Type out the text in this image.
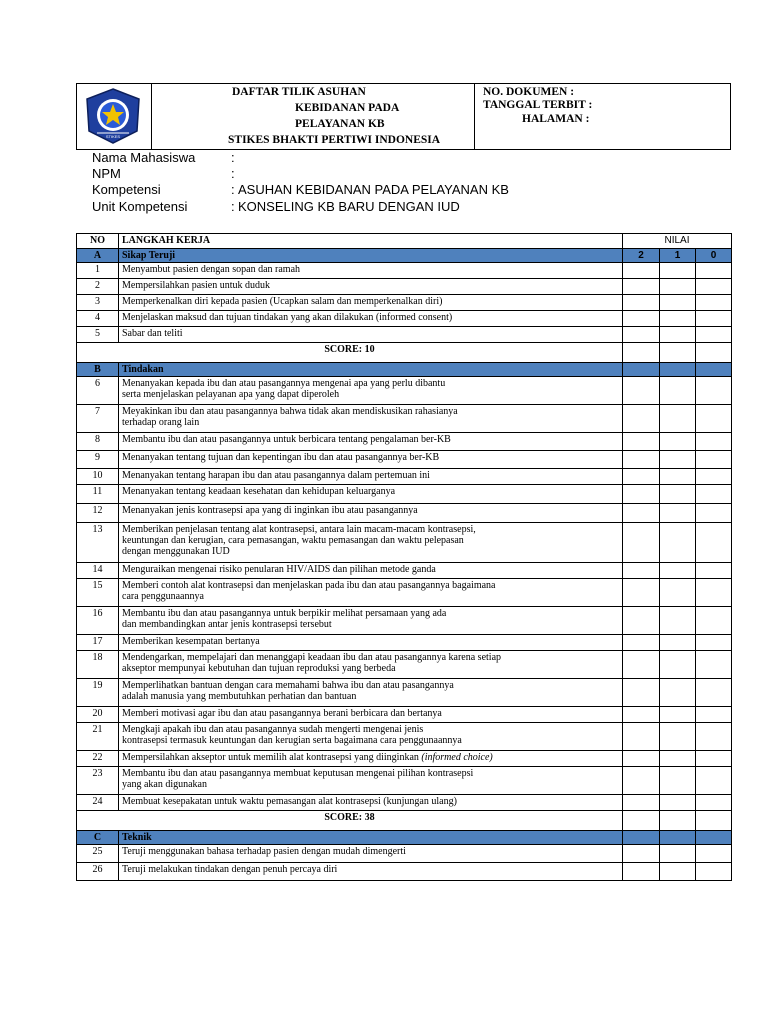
STIKES
DAFTAR TILIK ASUHAN
KEBIDANAN PADA
PELAYANAN KB
STIKES BHAKTI PERTIWI INDONESIA
NO. DOKUMEN :
TANGGAL TERBIT :
HALAMAN :
Nama Mahasiswa	:
NPM	:
Kompetensi	: ASUHAN KEBIDANAN PADA PELAYANAN KB
Unit Kompetensi	: KONSELING KB BARU DENGAN IUD
NO	LANGKAH KERJA	NILAI		
A	Sikap Teruji	2	1	0
1	Menyambut pasien dengan sopan dan ramah			
2	Mempersilahkan pasien untuk duduk			
3	Memperkenalkan diri kepada pasien (Ucapkan salam dan memperkenalkan diri)			
4	Menjelaskan maksud dan tujuan tindakan yang akan dilakukan (informed consent)			
5	Sabar dan teliti			
SCORE: 10				
B	Tindakan			
6	Menanyakan kepada ibu dan atau pasangannya mengenai apa yang perlu dibantu
serta menjelaskan pelayanan apa yang dapat diperoleh			
7	Meyakinkan ibu dan atau pasangannya bahwa tidak akan mendiskusikan rahasianya
terhadap orang lain			
8	Membantu ibu dan atau pasangannya untuk berbicara tentang pengalaman ber-KB			
9	Menanyakan tentang tujuan dan kepentingan ibu dan atau pasangannya ber-KB			
10	Menanyakan tentang harapan ibu dan atau pasangannya dalam pertemuan ini			
11	Menanyakan tentang keadaan kesehatan dan kehidupan keluarganya			
12	Menanyakan jenis kontrasepsi apa yang di inginkan ibu atau pasangannya			
13	Memberikan penjelasan tentang alat kontrasepsi, antara lain macam-macam kontrasepsi,
keuntungan dan kerugian, cara pemasangan, waktu pemasangan dan waktu pelepasan
dengan menggunakan IUD			
14	Menguraikan mengenai risiko penularan HIV/AIDS dan pilihan metode ganda			
15	Memberi contoh alat kontrasepsi dan menjelaskan pada ibu dan atau pasangannya bagaimana
cara penggunaannya			
16	Membantu ibu dan atau pasangannya untuk berpikir melihat persamaan yang ada
dan membandingkan antar jenis kontrasepsi tersebut			
17	Memberikan kesempatan bertanya			
18	Mendengarkan, mempelajari dan menanggapi keadaan ibu dan atau pasangannya karena setiap
akseptor mempunyai kebutuhan dan tujuan reproduksi yang berbeda			
19	Memperlihatkan bantuan dengan cara memahami bahwa ibu dan atau pasangannya
adalah manusia yang membutuhkan perhatian dan bantuan			
20	Memberi motivasi agar ibu dan atau pasangannya berani berbicara dan bertanya			
21	Mengkaji apakah ibu dan atau pasangannya sudah mengerti mengenai jenis
kontrasepsi termasuk keuntungan dan kerugian serta bagaimana cara penggunaannya			
22	Mempersilahkan akseptor untuk memilih alat kontrasepsi yang diinginkan (informed choice)			
23	Membantu ibu dan atau pasangannya membuat keputusan mengenai pilihan kontrasepsi
yang akan digunakan			
24	Membuat kesepakatan untuk waktu pemasangan alat kontrasepsi (kunjungan ulang)			
SCORE: 38				
C	Teknik			
25	Teruji menggunakan bahasa terhadap pasien dengan mudah dimengerti			
26	Teruji melakukan tindakan dengan penuh percaya diri			
